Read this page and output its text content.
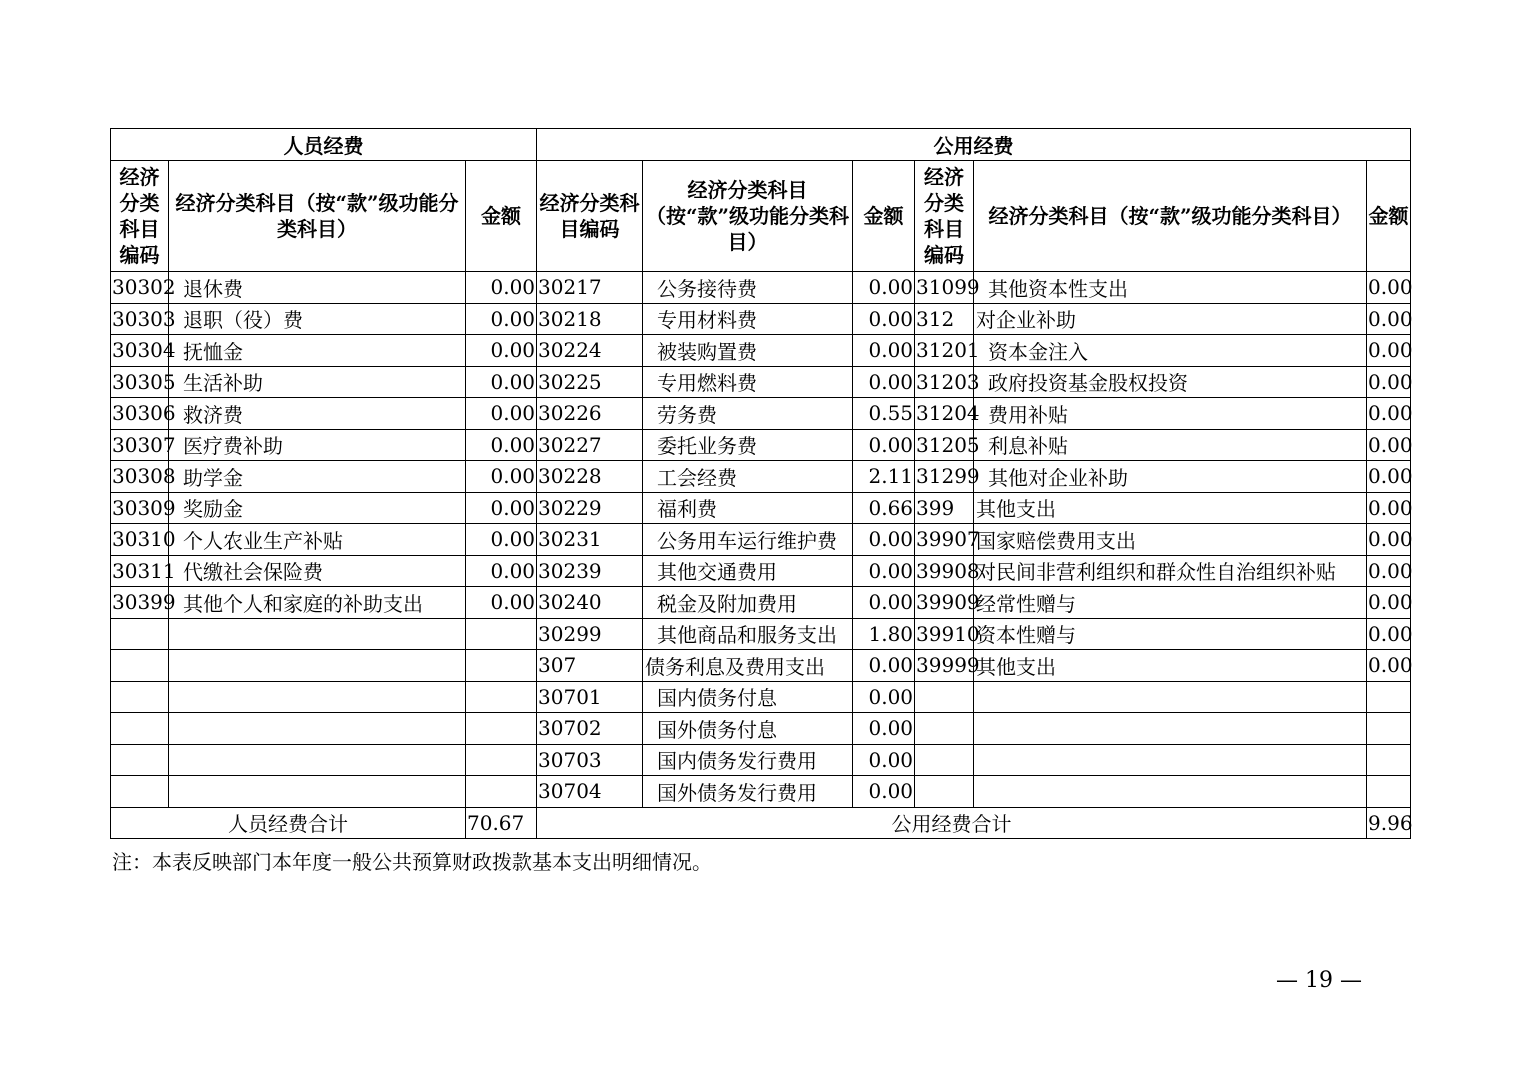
人员经费			公用经费					
经济分类科目编码	经济分类科目（按“款”级功能分类科目）	金额	经济分类科目编码	经济分类科目（按“款”级功能分类科目）	金额	经济分类科目编码	经济分类科目（按“款”级功能分类科目）	金额
30302	退休费	0.00	30217	公务接待费	0.00	31099	其他资本性支出	0.00
30303	退职（役）费	0.00	30218	专用材料费	0.00	312	对企业补助	0.00
30304	抚恤金	0.00	30224	被装购置费	0.00	31201	资本金注入	0.00
30305	生活补助	0.00	30225	专用燃料费	0.00	31203	政府投资基金股权投资	0.00
30306	救济费	0.00	30226	劳务费	0.55	31204	费用补贴	0.00
30307	医疗费补助	0.00	30227	委托业务费	0.00	31205	利息补贴	0.00
30308	助学金	0.00	30228	工会经费	2.11	31299	其他对企业补助	0.00
30309	奖励金	0.00	30229	福利费	0.66	399	其他支出	0.00
30310	个人农业生产补贴	0.00	30231	公务用车运行维护费	0.00	39907	国家赔偿费用支出	0.00
30311	代缴社会保险费	0.00	30239	其他交通费用	0.00	39908	对民间非营利组织和群众性自治组织补贴	0.00
30399	其他个人和家庭的补助支出	0.00	30240	税金及附加费用	0.00	39909	经常性赠与	0.00
			30299	其他商品和服务支出	1.80	39910	资本性赠与	0.00
			307	债务利息及费用支出	0.00	39999	其他支出	0.00
			30701	国内债务付息	0.00			
			30702	国外债务付息	0.00			
			30703	国内债务发行费用	0.00			
			30704	国外债务发行费用	0.00			
人员经费合计		70.67	公用经费合计					9.96
注：本表反映部门本年度一般公共预算财政拨款基本支出明细情况。
— 19 —
